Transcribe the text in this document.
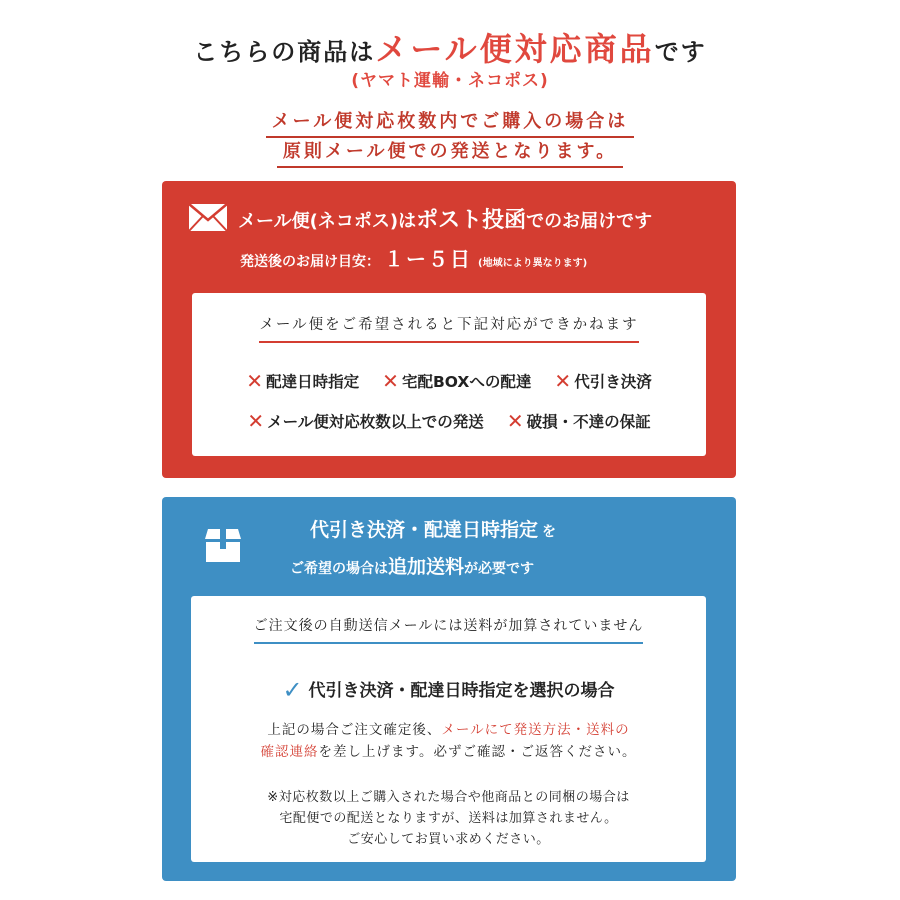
こちらの商品はメール便対応商品です
(ヤマト運輸・ネコポス)
メール便対応枚数内でご購入の場合は
原則メール便での発送となります。
メール便(ネコポス)はポスト投函でのお届けです
発送後のお届け目安： １ー５日 (地域により異なります)
メール便をご希望されると下記対応ができかねます
✕ 配達日時指定 ✕ 宅配BOXへの配達 ✕ 代引き決済
✕ メール便対応枚数以上での発送 ✕ 破損・不達の保証
代引き決済・配達日時指定 を
ご希望の場合は追加送料が必要です
ご注文後の自動送信メールには送料が加算されていません
✓ 代引き決済・配達日時指定を選択の場合
上記の場合ご注文確定後、メールにて発送方法・送料の
確認連絡を差し上げます。必ずご確認・ご返答ください。
※対応枚数以上ご購入された場合や他商品との同梱の場合は
宅配便での配送となりますが、送料は加算されません。
ご安心してお買い求めください。
